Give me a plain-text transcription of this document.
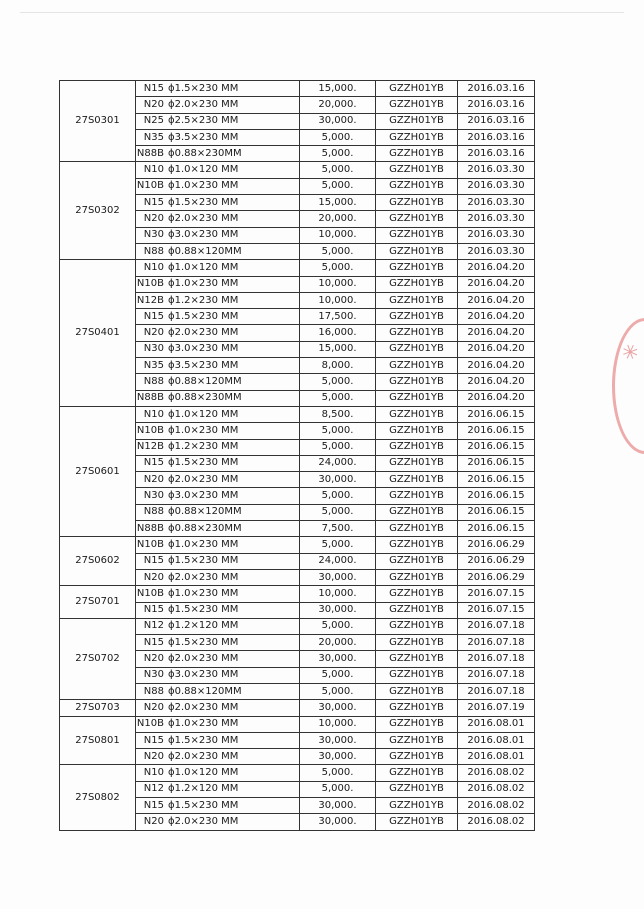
27S0301	N15 ϕ1.5×230 MM	15,000.	GZZH01YB	2016.03.16
	N20 ϕ2.0×230 MM	20,000.	GZZH01YB	2016.03.16
	N25 ϕ2.5×230 MM	30,000.	GZZH01YB	2016.03.16
	N35 ϕ3.5×230 MM	5,000.	GZZH01YB	2016.03.16
	N88B ϕ0.88×230MM	5,000.	GZZH01YB	2016.03.16
27S0302	N10 ϕ1.0×120 MM	5,000.	GZZH01YB	2016.03.30
	N10B ϕ1.0×230 MM	5,000.	GZZH01YB	2016.03.30
	N15 ϕ1.5×230 MM	15,000.	GZZH01YB	2016.03.30
	N20 ϕ2.0×230 MM	20,000.	GZZH01YB	2016.03.30
	N30 ϕ3.0×230 MM	10,000.	GZZH01YB	2016.03.30
	N88 ϕ0.88×120MM	5,000.	GZZH01YB	2016.03.30
27S0401	N10 ϕ1.0×120 MM	5,000.	GZZH01YB	2016.04.20
	N10B ϕ1.0×230 MM	10,000.	GZZH01YB	2016.04.20
	N12B ϕ1.2×230 MM	10,000.	GZZH01YB	2016.04.20
	N15 ϕ1.5×230 MM	17,500.	GZZH01YB	2016.04.20
	N20 ϕ2.0×230 MM	16,000.	GZZH01YB	2016.04.20
	N30 ϕ3.0×230 MM	15,000.	GZZH01YB	2016.04.20
	N35 ϕ3.5×230 MM	8,000.	GZZH01YB	2016.04.20
	N88 ϕ0.88×120MM	5,000.	GZZH01YB	2016.04.20
	N88B ϕ0.88×230MM	5,000.	GZZH01YB	2016.04.20
27S0601	N10 ϕ1.0×120 MM	8,500.	GZZH01YB	2016.06.15
	N10B ϕ1.0×230 MM	5,000.	GZZH01YB	2016.06.15
	N12B ϕ1.2×230 MM	5,000.	GZZH01YB	2016.06.15
	N15 ϕ1.5×230 MM	24,000.	GZZH01YB	2016.06.15
	N20 ϕ2.0×230 MM	30,000.	GZZH01YB	2016.06.15
	N30 ϕ3.0×230 MM	5,000.	GZZH01YB	2016.06.15
	N88 ϕ0.88×120MM	5,000.	GZZH01YB	2016.06.15
	N88B ϕ0.88×230MM	7,500.	GZZH01YB	2016.06.15
27S0602	N10B ϕ1.0×230 MM	5,000.	GZZH01YB	2016.06.29
	N15 ϕ1.5×230 MM	24,000.	GZZH01YB	2016.06.29
	N20 ϕ2.0×230 MM	30,000.	GZZH01YB	2016.06.29
27S0701	N10B ϕ1.0×230 MM	10,000.	GZZH01YB	2016.07.15
	N15 ϕ1.5×230 MM	30,000.	GZZH01YB	2016.07.15
27S0702	N12 ϕ1.2×120 MM	5,000.	GZZH01YB	2016.07.18
	N15 ϕ1.5×230 MM	20,000.	GZZH01YB	2016.07.18
	N20 ϕ2.0×230 MM	30,000.	GZZH01YB	2016.07.18
	N30 ϕ3.0×230 MM	5,000.	GZZH01YB	2016.07.18
	N88 ϕ0.88×120MM	5,000.	GZZH01YB	2016.07.18
27S0703	N20 ϕ2.0×230 MM	30,000.	GZZH01YB	2016.07.19
27S0801	N10B ϕ1.0×230 MM	10,000.	GZZH01YB	2016.08.01
	N15 ϕ1.5×230 MM	30,000.	GZZH01YB	2016.08.01
	N20 ϕ2.0×230 MM	30,000.	GZZH01YB	2016.08.01
27S0802	N10 ϕ1.0×120 MM	5,000.	GZZH01YB	2016.08.02
	N12 ϕ1.2×120 MM	5,000.	GZZH01YB	2016.08.02
	N15 ϕ1.5×230 MM	30,000.	GZZH01YB	2016.08.02
	N20 ϕ2.0×230 MM	30,000.	GZZH01YB	2016.08.02
✳
